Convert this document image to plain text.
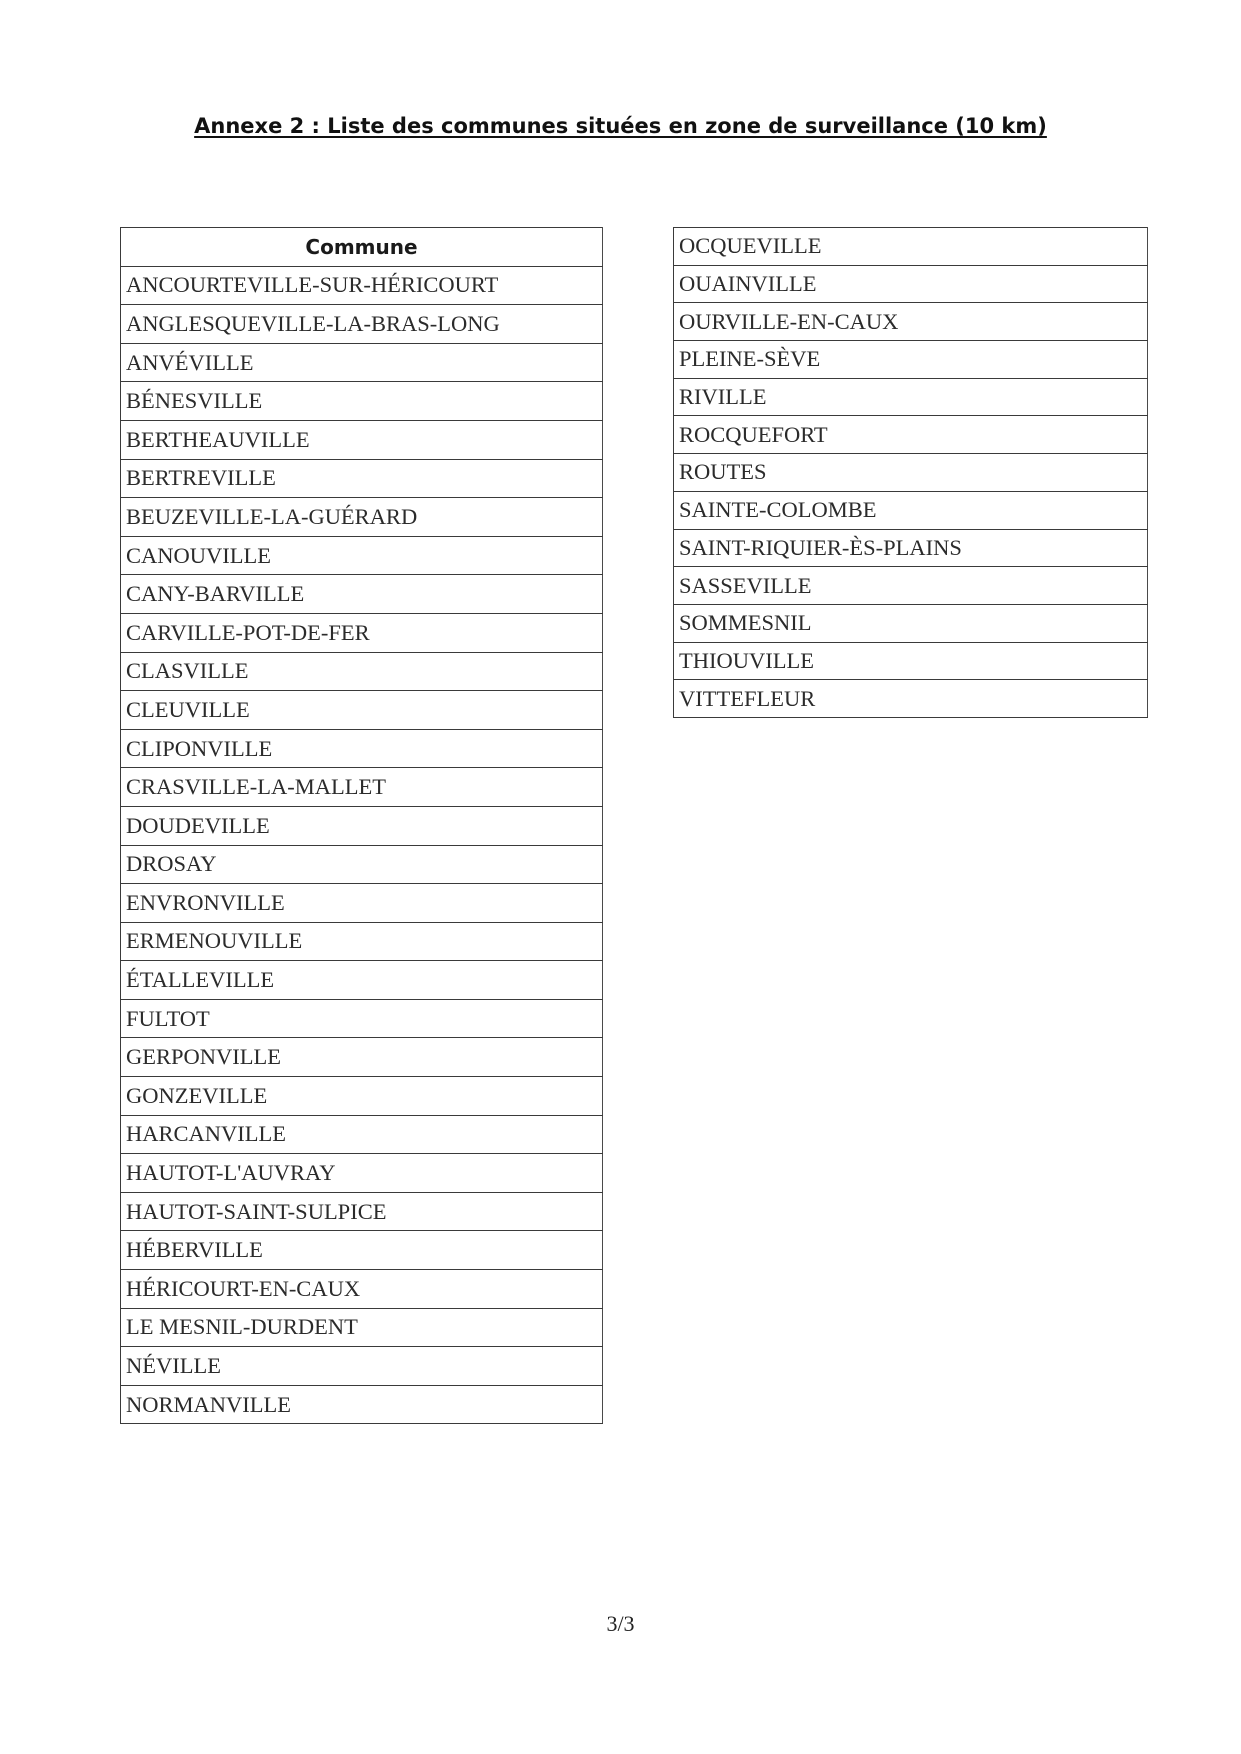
Annexe 2 : Liste des communes situées en zone de surveillance (10 km)
Commune
ANCOURTEVILLE-SUR-HÉRICOURT
ANGLESQUEVILLE-LA-BRAS-LONG
ANVÉVILLE
BÉNESVILLE
BERTHEAUVILLE
BERTREVILLE
BEUZEVILLE-LA-GUÉRARD
CANOUVILLE
CANY-BARVILLE
CARVILLE-POT-DE-FER
CLASVILLE
CLEUVILLE
CLIPONVILLE
CRASVILLE-LA-MALLET
DOUDEVILLE
DROSAY
ENVRONVILLE
ERMENOUVILLE
ÉTALLEVILLE
FULTOT
GERPONVILLE
GONZEVILLE
HARCANVILLE
HAUTOT-L'AUVRAY
HAUTOT-SAINT-SULPICE
HÉBERVILLE
HÉRICOURT-EN-CAUX
LE MESNIL-DURDENT
NÉVILLE
NORMANVILLE
OCQUEVILLE
OUAINVILLE
OURVILLE-EN-CAUX
PLEINE-SÈVE
RIVILLE
ROCQUEFORT
ROUTES
SAINTE-COLOMBE
SAINT-RIQUIER-ÈS-PLAINS
SASSEVILLE
SOMMESNIL
THIOUVILLE
VITTEFLEUR
3/3
